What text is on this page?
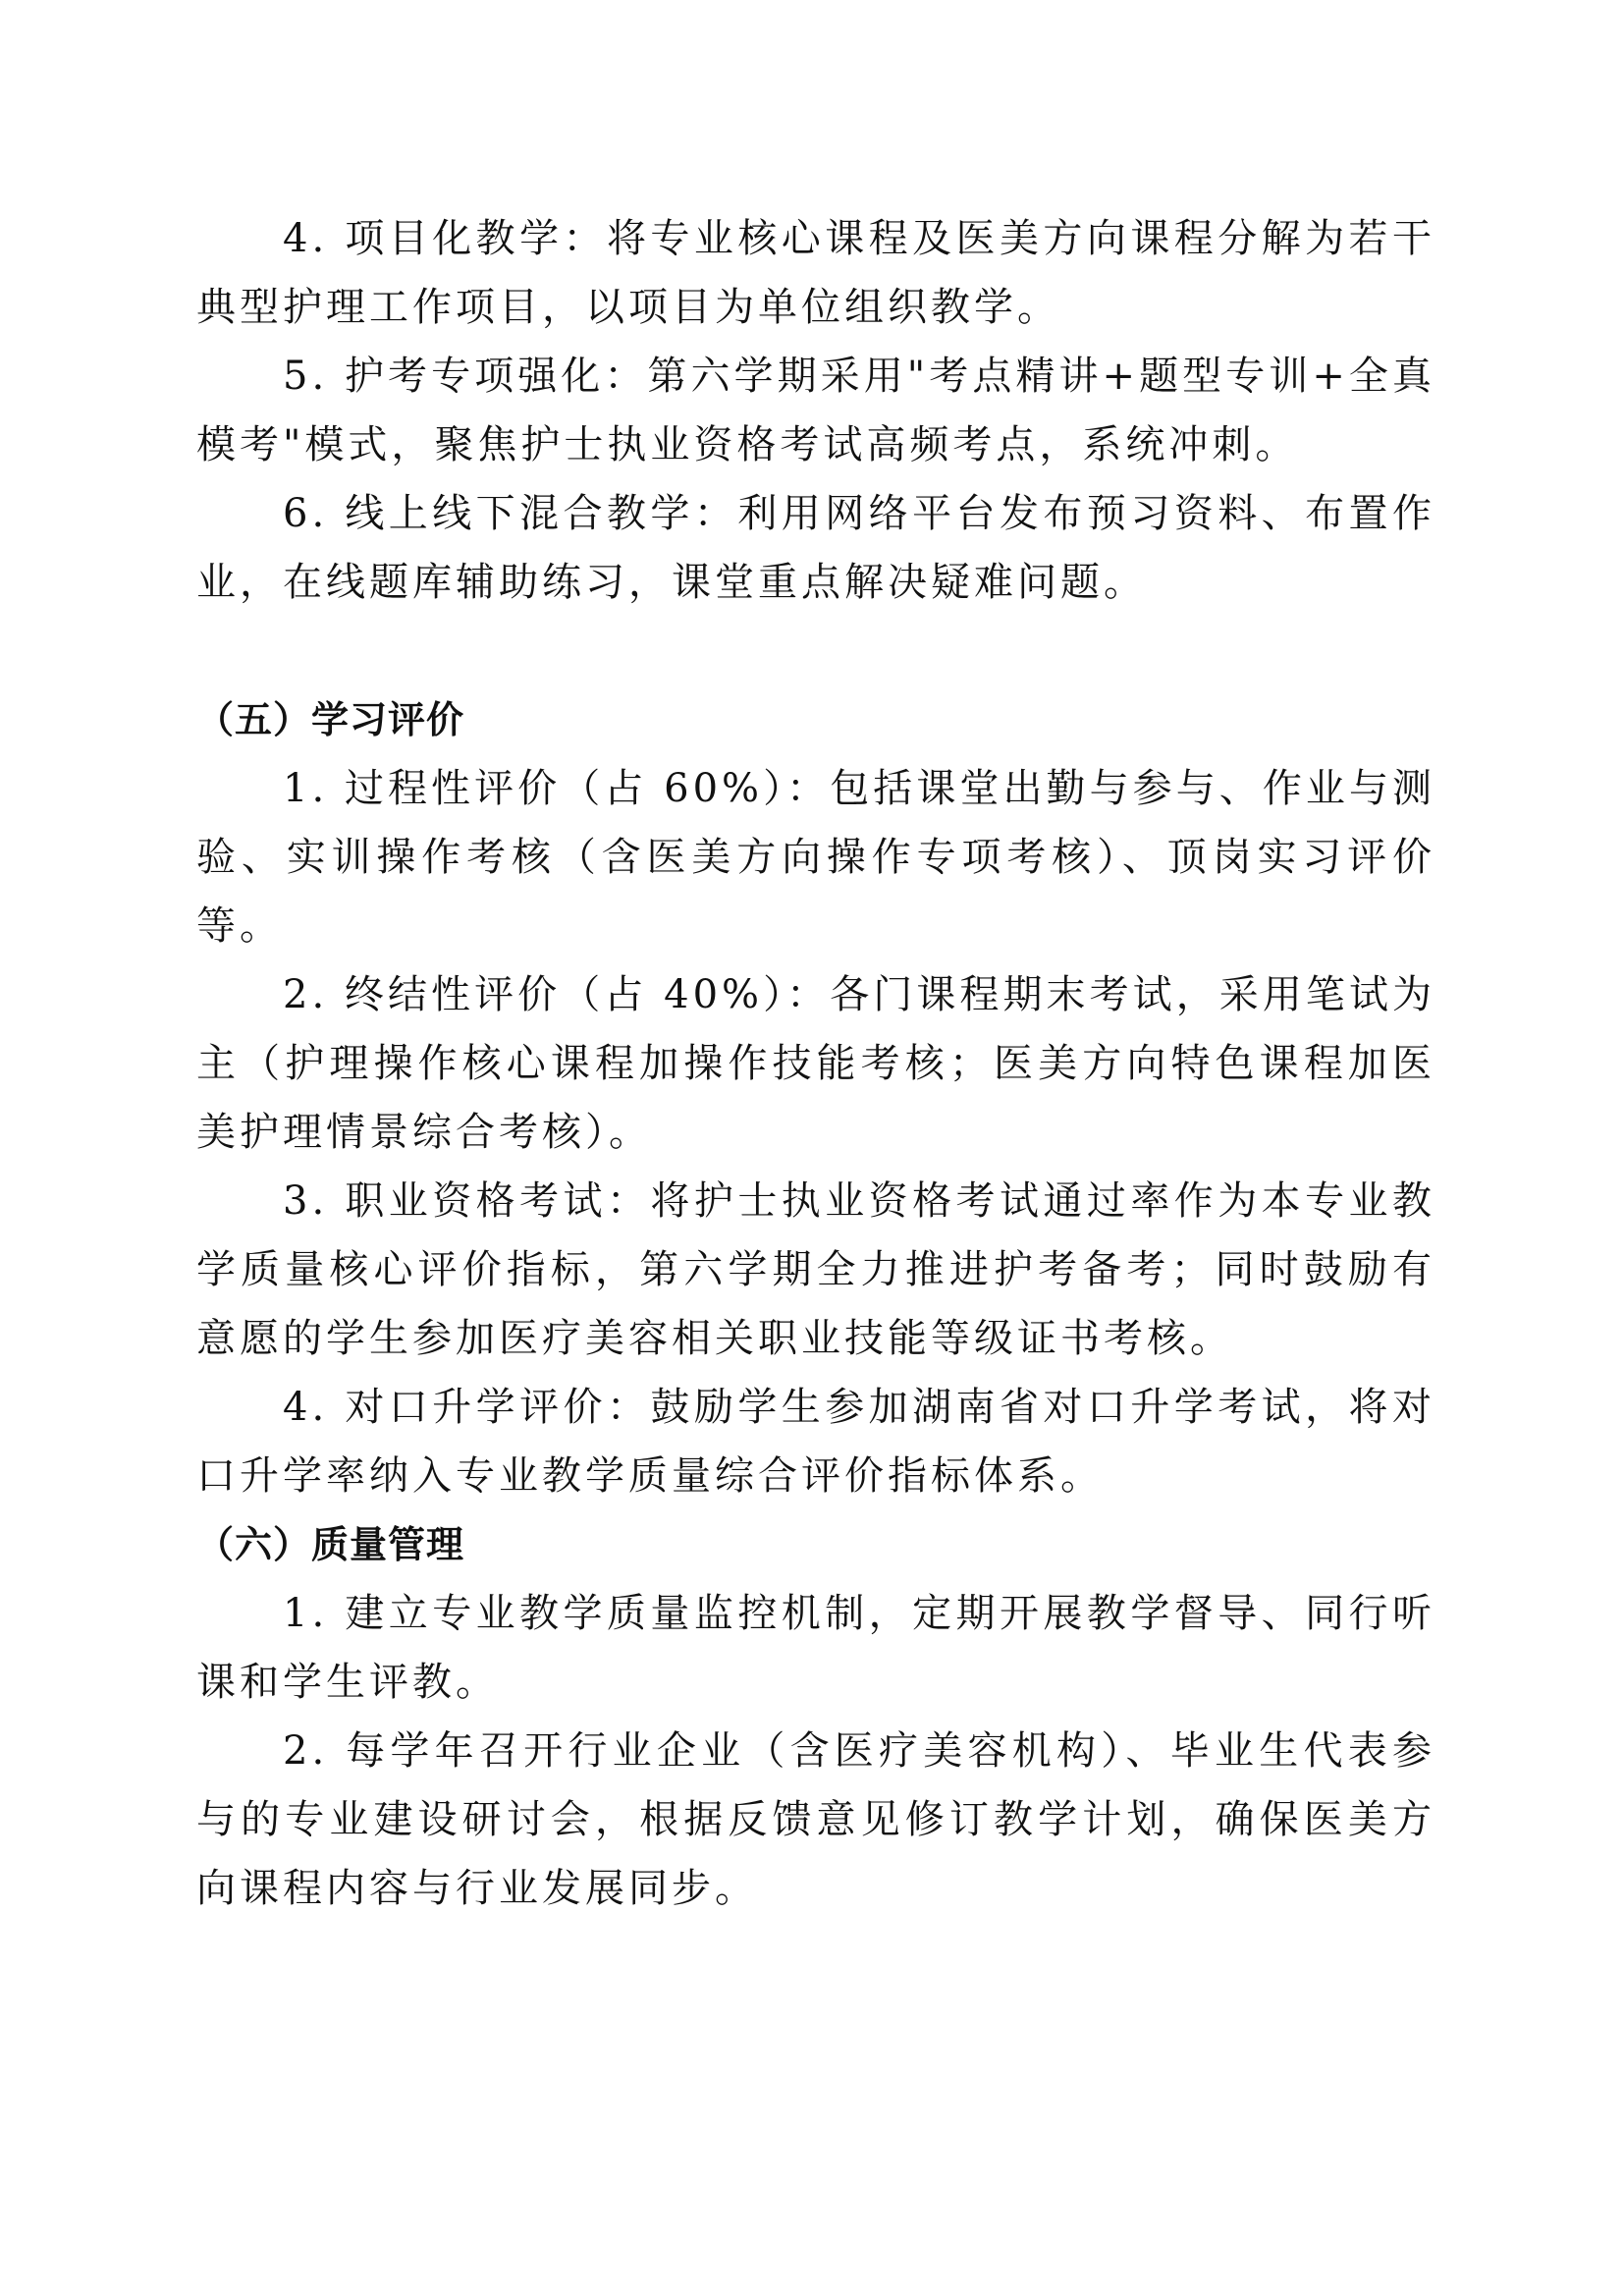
4. 项目化教学：将专业核心课程及医美方向课程分解为若干典型护理工作项目，以项目为单位组织教学。

5. 护考专项强化：第六学期采用"考点精讲+题型专训+全真模考"模式，聚焦护士执业资格考试高频考点，系统冲刺。

6. 线上线下混合教学：利用网络平台发布预习资料、布置作业，在线题库辅助练习，课堂重点解决疑难问题。

（五）学习评价

1. 过程性评价（占 60%）：包括课堂出勤与参与、作业与测验、实训操作考核（含医美方向操作专项考核）、顶岗实习评价等。

2. 终结性评价（占 40%）：各门课程期末考试，采用笔试为主（护理操作核心课程加操作技能考核；医美方向特色课程加医美护理情景综合考核）。

3. 职业资格考试：将护士执业资格考试通过率作为本专业教学质量核心评价指标，第六学期全力推进护考备考；同时鼓励有意愿的学生参加医疗美容相关职业技能等级证书考核。

4. 对口升学评价：鼓励学生参加湖南省对口升学考试，将对口升学率纳入专业教学质量综合评价指标体系。

（六）质量管理

1. 建立专业教学质量监控机制，定期开展教学督导、同行听课和学生评教。

2. 每学年召开行业企业（含医疗美容机构）、毕业生代表参与的专业建设研讨会，根据反馈意见修订教学计划，确保医美方向课程内容与行业发展同步。
